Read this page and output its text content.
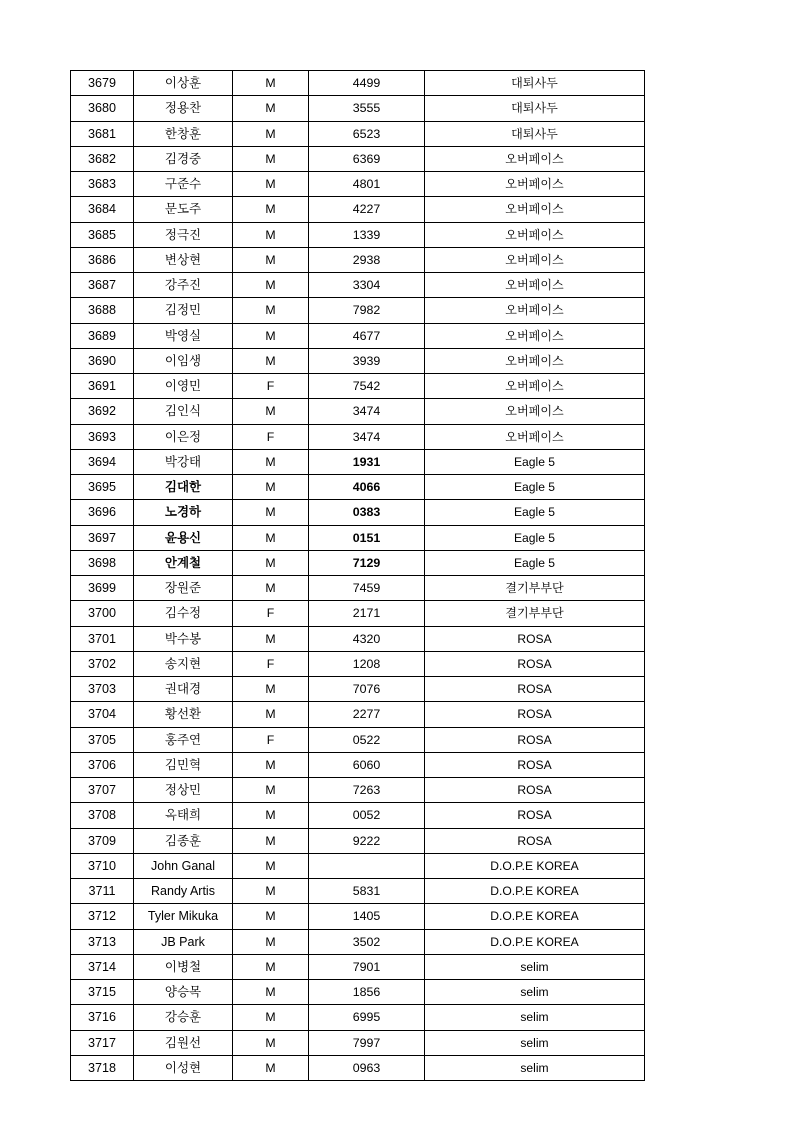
3679	이상훈	M	4499	대퇴사두
3680	정용찬	M	3555	대퇴사두
3681	한창훈	M	6523	대퇴사두
3682	김경중	M	6369	오버페이스
3683	구준수	M	4801	오버페이스
3684	문도주	M	4227	오버페이스
3685	정극진	M	1339	오버페이스
3686	변상현	M	2938	오버페이스
3687	강주진	M	3304	오버페이스
3688	김정민	M	7982	오버페이스
3689	박영실	M	4677	오버페이스
3690	이임생	M	3939	오버페이스
3691	이영민	F	7542	오버페이스
3692	김인식	M	3474	오버페이스
3693	이은정	F	3474	오버페이스
3694	박강태	M	1931	Eagle 5
3695	김대한	M	4066	Eagle 5
3696	노경하	M	0383	Eagle 5
3697	윤용신	M	0151	Eagle 5
3698	안계철	M	7129	Eagle 5
3699	장원준	M	7459	결기부부단
3700	김수정	F	2171	결기부부단
3701	박수봉	M	4320	ROSA
3702	송지현	F	1208	ROSA
3703	권대경	M	7076	ROSA
3704	황선환	M	2277	ROSA
3705	홍주연	F	0522	ROSA
3706	김민혁	M	6060	ROSA
3707	정상민	M	7263	ROSA
3708	옥태희	M	0052	ROSA
3709	김종훈	M	9222	ROSA
3710	John Ganal	M		D.O.P.E KOREA
3711	Randy Artis	M	5831	D.O.P.E KOREA
3712	Tyler Mikuka	M	1405	D.O.P.E KOREA
3713	JB Park	M	3502	D.O.P.E KOREA
3714	이병철	M	7901	selim
3715	양승목	M	1856	selim
3716	강승훈	M	6995	selim
3717	김원선	M	7997	selim
3718	이성현	M	0963	selim
